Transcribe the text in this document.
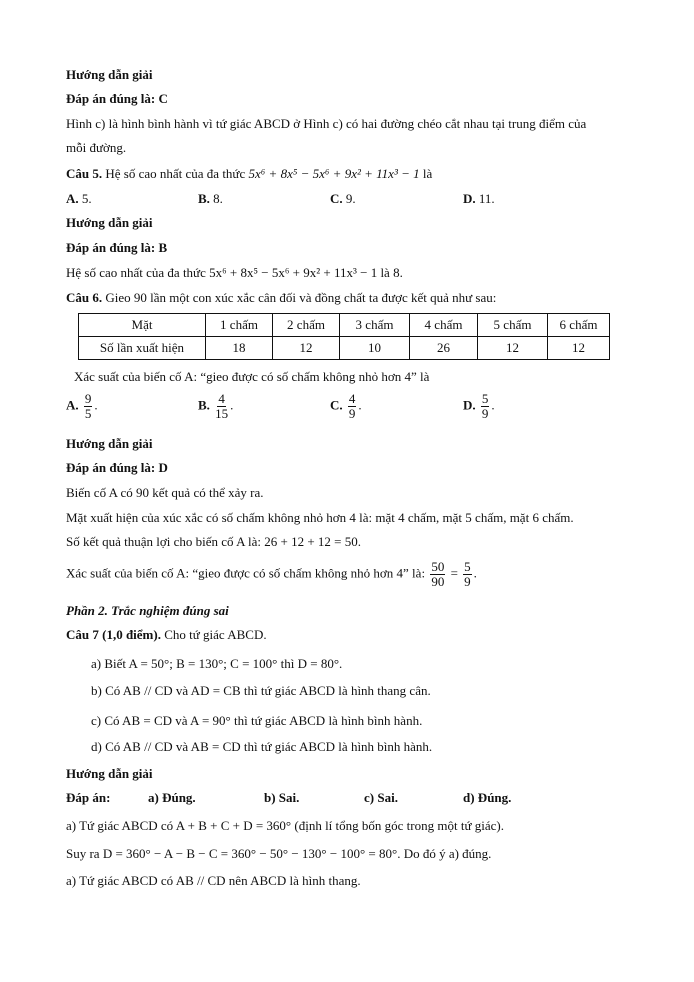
Hướng dẫn giải
Đáp án đúng là: C
Hình c) là hình bình hành vì tứ giác ABCD ở Hình c) có hai đường chéo cắt nhau tại trung điểm của
mỗi đường.
Câu 5. Hệ số cao nhất của đa thức 5x⁶ + 8x⁵ − 5x⁶ + 9x² + 11x³ − 1 là
A. 5.	B. 8.	C. 9.	D. 11.
Hướng dẫn giải
Đáp án đúng là: B
Hệ số cao nhất của đa thức 5x⁶ + 8x⁵ − 5x⁶ + 9x² + 11x³ − 1 là 8.
Câu 6. Gieo 90 lần một con xúc xắc cân đối và đồng chất ta được kết quả như sau:
Mặt	1 chấm	2 chấm	3 chấm	4 chấm	5 chấm	6 chấm
Số lần xuất hiện	18	12	10	26	12	12
Xác suất của biến cố A: “gieo được có số chấm không nhỏ hơn 4” là
A. $\frac{9}{5}$ .	B. $\frac{4}{15}$ .	C. $\frac{4}{9}$ .	D. $\frac{5}{9}$ .
Hướng dẫn giải
Đáp án đúng là: D
Biến cố A có 90 kết quả có thể xảy ra.
Mặt xuất hiện của xúc xắc có số chấm không nhỏ hơn 4 là: mặt 4 chấm, mặt 5 chấm, mặt 6 chấm.
Số kết quả thuận lợi cho biến cố A là: 26 + 12 + 12 = 50.
Xác suất của biến cố A: “gieo được có số chấm không nhỏ hơn 4” là: $\frac{50}{90} = \frac{5}{9}$ .
Phần 2. Trắc nghiệm đúng sai
Câu 7 (1,0 điểm). Cho tứ giác ABCD.
a) Biết A = 50°; B = 130°; C = 100° thì D = 80°.
b) Có AB // CD và AD = CB thì tứ giác ABCD là hình thang cân.
c) Có AB = CD và A = 90° thì tứ giác ABCD là hình bình hành.
d) Có AB // CD và AB = CD thì tứ giác ABCD là hình bình hành.
Hướng dẫn giải
Đáp án:	a) Đúng.	b) Sai.	c) Sai.	d) Đúng.
a) Tứ giác ABCD có A + B + C + D = 360° (định lí tổng bốn góc trong một tứ giác).
Suy ra D = 360° − A − B − C = 360° − 50° − 130° − 100° = 80°. Do đó ý a) đúng.
a) Tứ giác ABCD có AB // CD nên ABCD là hình thang.
